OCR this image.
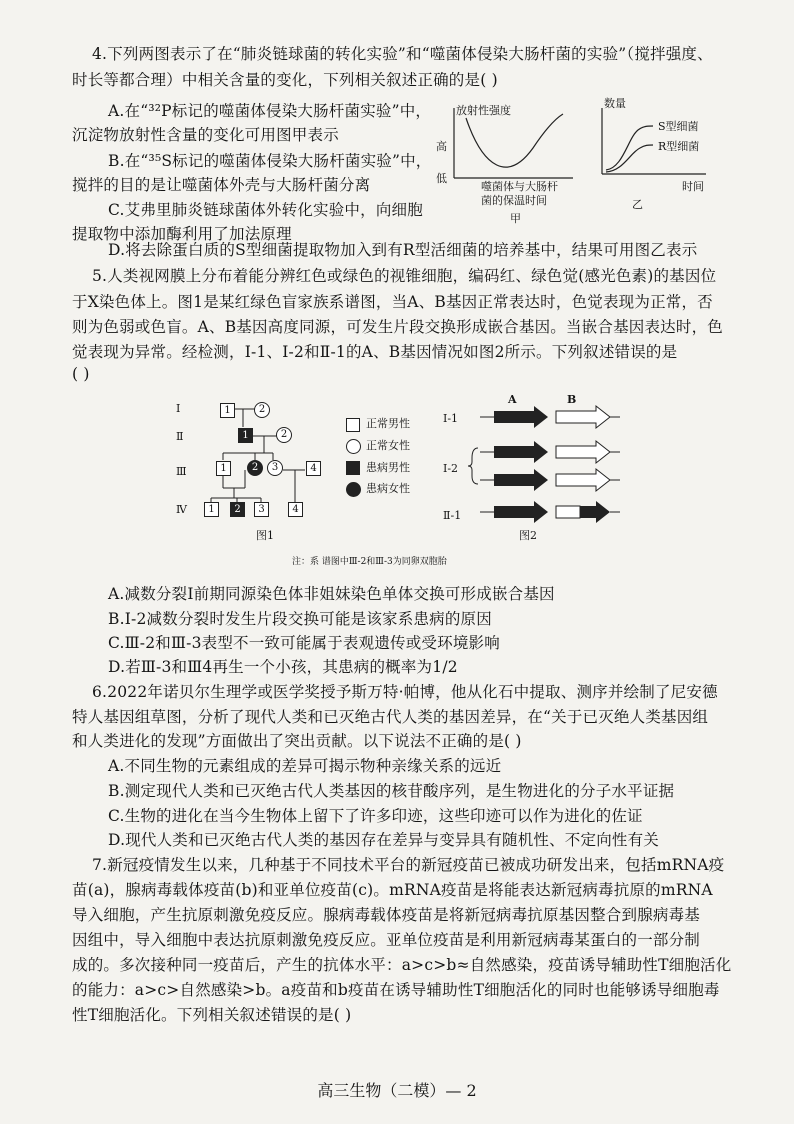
4.下列两图表示了在“肺炎链球菌的转化实验”和“噬菌体侵染大肠杆菌的实验”（搅拌强度、
时长等都合理）中相关含量的变化，下列相关叙述正确的是( )
A.在“³²P标记的噬菌体侵染大肠杆菌实验”中，
沉淀物放射性含量的变化可用图甲表示
B.在“³⁵S标记的噬菌体侵染大肠杆菌实验”中，
搅拌的目的是让噬菌体外壳与大肠杆菌分离
C.艾弗里肺炎链球菌体外转化实验中，向细胞
提取物中添加酶利用了加法原理
D.将去除蛋白质的S型细菌提取物加入到有R型活细菌的培养基中，结果可用图乙表示
放射性强度
高
低
噬菌体与大肠杆
菌的保温时间
甲
数量
S型细菌
R型细菌
时间
乙
5.人类视网膜上分布着能分辨红色或绿色的视锥细胞，编码红、绿色觉(感光色素)的基因位
于X染色体上。图1是某红绿色盲家族系谱图，当A、B基因正常表达时，色觉表现为正常，否
则为色弱或色盲。A、B基因高度同源，可发生片段交换形成嵌合基因。当嵌合基因表达时，色
觉表现为异常。经检测，Ⅰ-1、Ⅰ-2和Ⅱ-1的A、B基因情况如图2所示。下列叙述错误的是
( )
Ⅰ
Ⅱ
Ⅲ
Ⅳ
1	2
1	2
1	2	3	4
1	2	3	4
正常男性
正常女性
患病男性
患病女性
图1
A	B
Ⅰ-1
Ⅰ-2
Ⅱ-1
图2
注：系 谱图中Ⅲ-2和Ⅲ-3为同卵双胞胎
A.减数分裂Ⅰ前期同源染色体非姐妹染色单体交换可形成嵌合基因
B.Ⅰ-2减数分裂时发生片段交换可能是该家系患病的原因
C.Ⅲ-2和Ⅲ-3表型不一致可能属于表观遗传或受环境影响
D.若Ⅲ-3和Ⅲ4再生一个小孩，其患病的概率为1/2
6.2022年诺贝尔生理学或医学奖授予斯万特·帕博，他从化石中提取、测序并绘制了尼安德
特人基因组草图，分析了现代人类和已灭绝古代人类的基因差异，在“关于已灭绝人类基因组
和人类进化的发现”方面做出了突出贡献。以下说法不正确的是( )
A.不同生物的元素组成的差异可揭示物种亲缘关系的远近
B.测定现代人类和已灭绝古代人类基因的核苷酸序列，是生物进化的分子水平证据
C.生物的进化在当今生物体上留下了许多印迹，这些印迹可以作为进化的佐证
D.现代人类和已灭绝古代人类的基因存在差异与变异具有随机性、不定向性有关
7.新冠疫情发生以来，几种基于不同技术平台的新冠疫苗已被成功研发出来，包括mRNA疫
苗(a)，腺病毒载体疫苗(b)和亚单位疫苗(c)。mRNA疫苗是将能表达新冠病毒抗原的mRNA
导入细胞，产生抗原刺激免疫反应。腺病毒载体疫苗是将新冠病毒抗原基因整合到腺病毒基
因组中，导入细胞中表达抗原刺激免疫反应。亚单位疫苗是利用新冠病毒某蛋白的一部分制
成的。多次接种同一疫苗后，产生的抗体水平：a>c>b≈自然感染，疫苗诱导辅助性T细胞活化
的能力：a>c>自然感染>b。a疫苗和b疫苗在诱导辅助性T细胞活化的同时也能够诱导细胞毒
性T细胞活化。下列相关叙述错误的是( )
高三生物（二模）— 2
